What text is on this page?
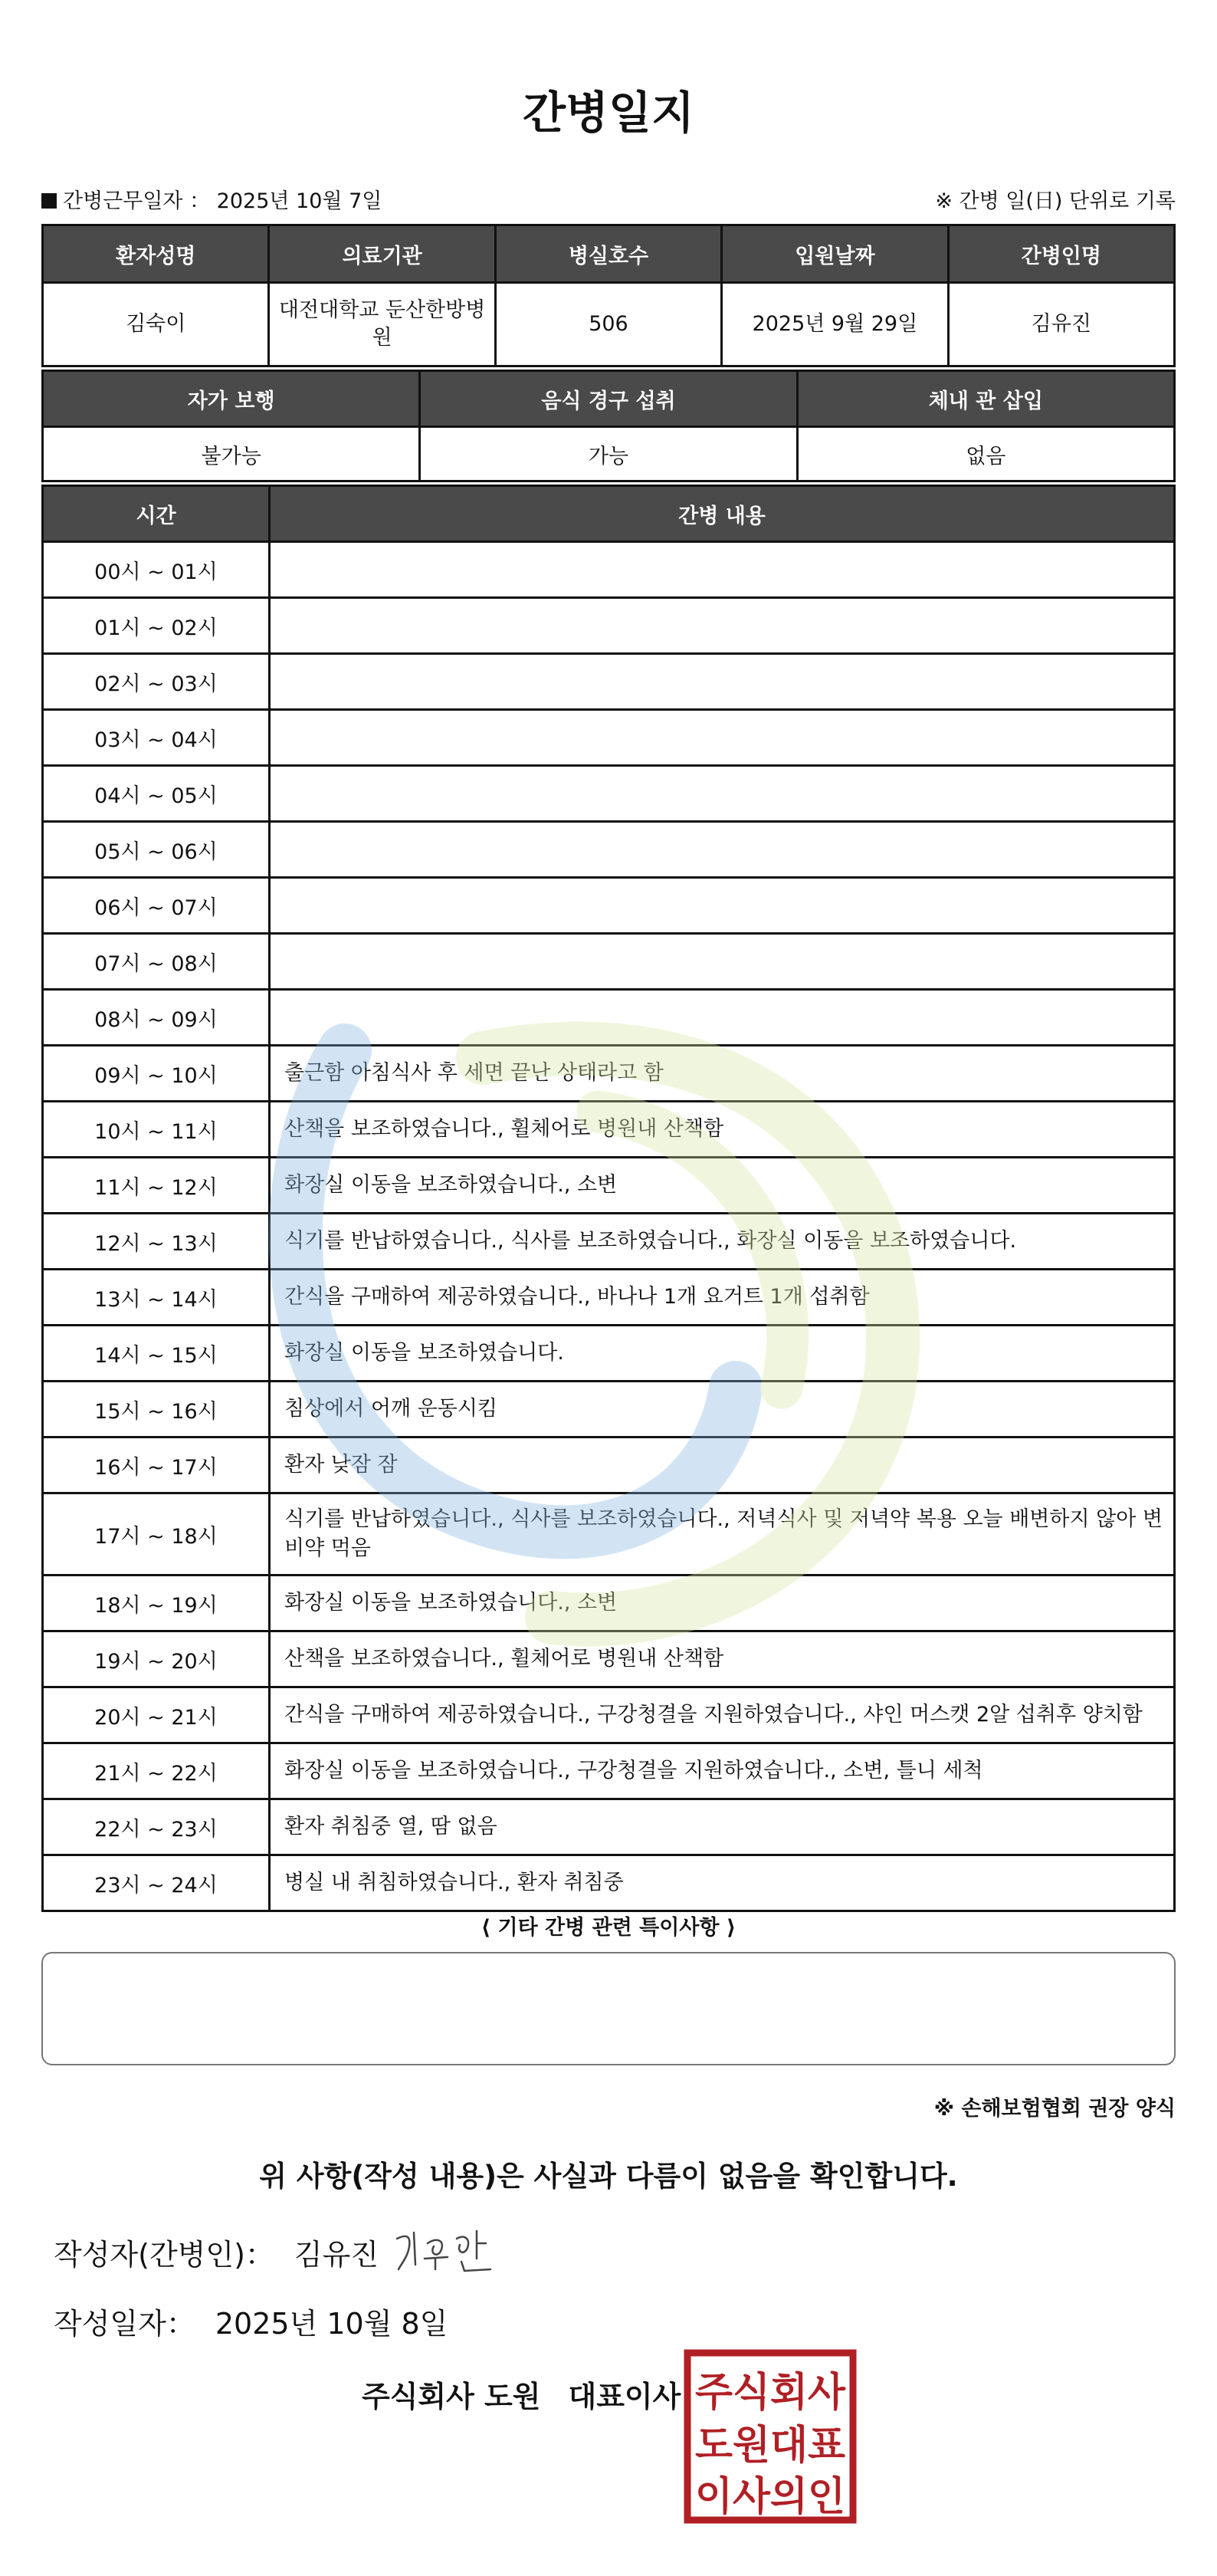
간병일지
간병근무일자 ： 2025년 10월 7일	※ 간병 일(日) 단위로 기록
환자성명	의료기관	병실호수	입원날짜	간병인명
김숙이	대전대학교 둔산한방병원	506	2025년 9월 29일	김유진
자가 보행	음식 경구 섭취	체내 관 삽입
불가능	가능	없음
시간	간병 내용
00시 ~ 01시	
01시 ~ 02시	
02시 ~ 03시	
03시 ~ 04시	
04시 ~ 05시	
05시 ~ 06시	
06시 ~ 07시	
07시 ~ 08시	
08시 ~ 09시	
09시 ~ 10시	출근함 아침식사 후 세면 끝난 상태라고 함
10시 ~ 11시	산책을 보조하였습니다., 휠체어로 병원내 산책함
11시 ~ 12시	화장실 이동을 보조하였습니다., 소변
12시 ~ 13시	식기를 반납하였습니다., 식사를 보조하였습니다., 화장실 이동을 보조하였습니다.
13시 ~ 14시	간식을 구매하여 제공하였습니다., 바나나 1개 요거트 1개 섭취함
14시 ~ 15시	화장실 이동을 보조하였습니다.
15시 ~ 16시	침상에서 어깨 운동시킴
16시 ~ 17시	환자 낮잠 잠
17시 ~ 18시	식기를 반납하였습니다., 식사를 보조하였습니다., 저녁식사 및 저녁약 복용 오늘 배변하지 않아 변비약 먹음
18시 ~ 19시	화장실 이동을 보조하였습니다., 소변
19시 ~ 20시	산책을 보조하였습니다., 휠체어로 병원내 산책함
20시 ~ 21시	간식을 구매하여 제공하였습니다., 구강청결을 지원하였습니다., 샤인 머스캣 2알 섭취후 양치함
21시 ~ 22시	화장실 이동을 보조하였습니다., 구강청결을 지원하였습니다., 소변, 틀니 세척
22시 ~ 23시	환자 취침중 열, 땀 없음
23시 ~ 24시	병실 내 취침하였습니다., 환자 취침중
⟨ 기타 간병 관련 특이사항 ⟩
※ 손해보험협회 권장 양식
위 사항(작성 내용)은 사실과 다름이 없음을 확인합니다.
작성자(간병인)： 김유진
작성일자： 2025년 10월 8일
주식회사 도원 대표이사 주식회사
도원대표
이사의인
